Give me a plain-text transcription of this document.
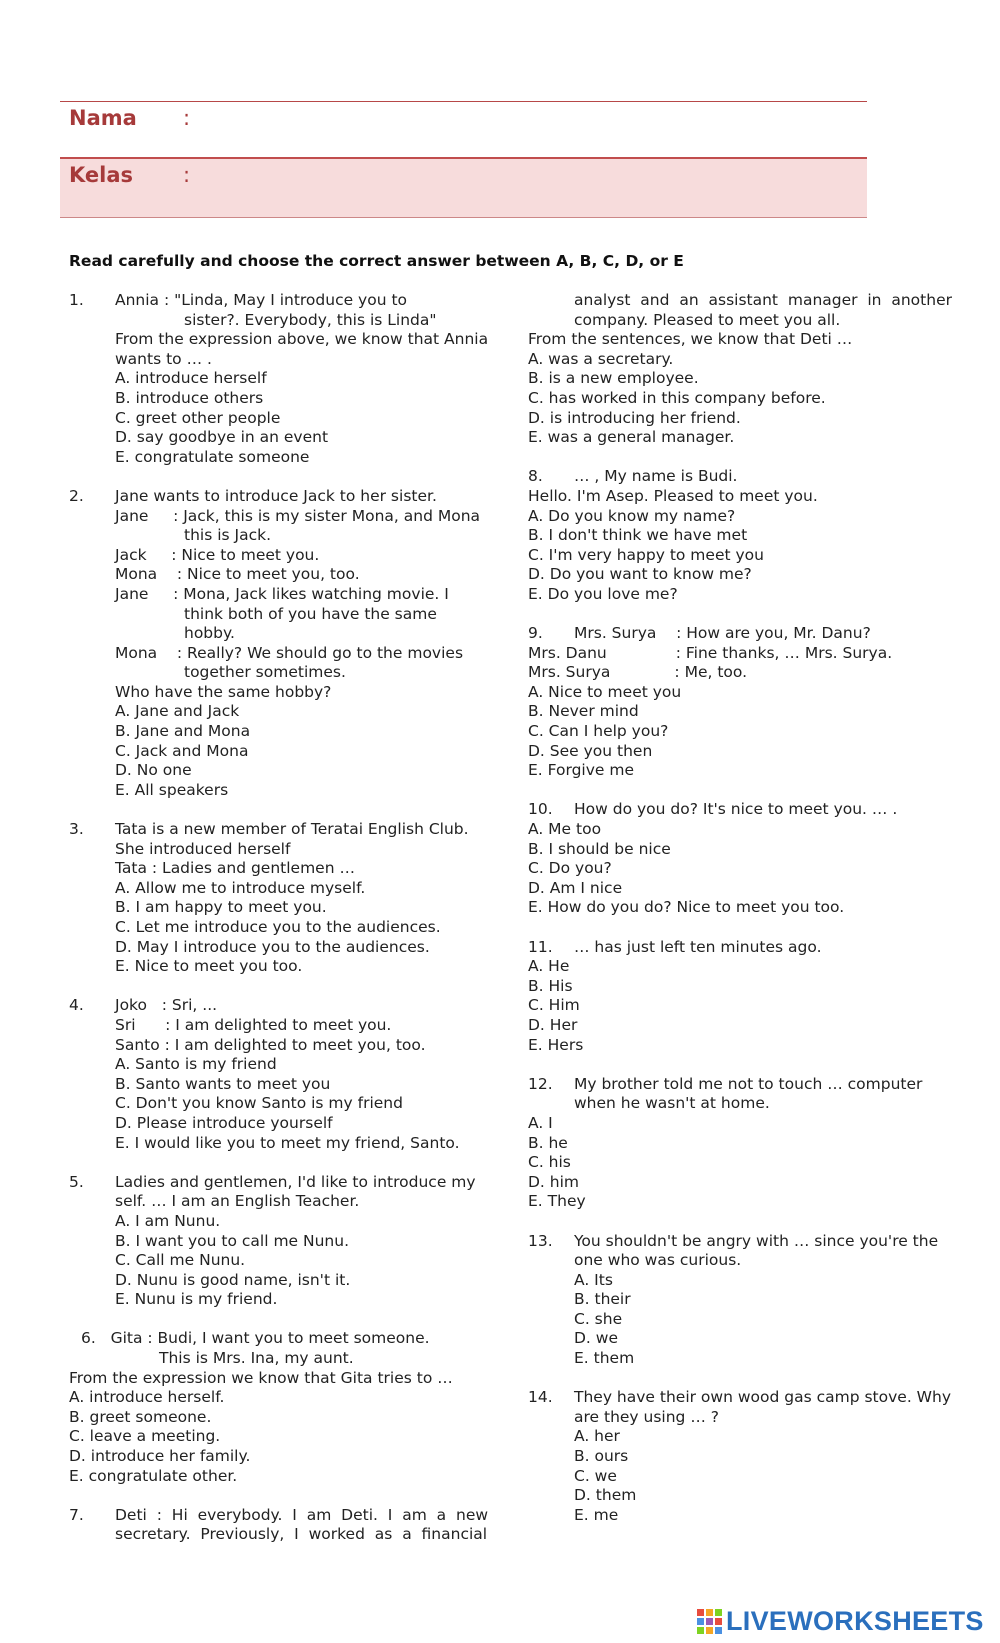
Nama :
Kelas :
Read carefully and choose the correct answer between A, B, C, D, or E
1.	Annia : "Linda, May I introduce you to
sister?. Everybody, this is Linda"
From the expression above, we know that Annia
wants to … .
A. introduce herself
B. introduce others
C. greet other people
D. say goodbye in an event
E. congratulate someone
2.	Jane wants to introduce Jack to her sister.
Jane     : Jack, this is my sister Mona, and Mona
this is Jack.
Jack     : Nice to meet you.
Mona    : Nice to meet you, too.
Jane     : Mona, Jack likes watching movie. I
think both of you have the same
hobby.
Mona    : Really? We should go to the movies
together sometimes.
Who have the same hobby?
A. Jane and Jack
B. Jane and Mona
C. Jack and Mona
D. No one
E. All speakers
3.	Tata is a new member of Teratai English Club.
She introduced herself
Tata : Ladies and gentlemen …
A. Allow me to introduce myself.
B. I am happy to meet you.
C. Let me introduce you to the audiences.
D. May I introduce you to the audiences.
E. Nice to meet you too.
4.	Joko   : Sri, ...
Sri      : I am delighted to meet you.
Santo : I am delighted to meet you, too.
A. Santo is my friend
B. Santo wants to meet you
C. Don't you know Santo is my friend
D. Please introduce yourself
E. I would like you to meet my friend, Santo.
5.	Ladies and gentlemen, I'd like to introduce my
self. … I am an English Teacher.
A. I am Nunu.
B. I want you to call me Nunu.
C. Call me Nunu.
D. Nunu is good name, isn't it.
E. Nunu is my friend.
6. Gita : Budi, I want you to meet someone.
This is Mrs. Ina, my aunt.
From the expression we know that Gita tries to …
A. introduce herself.
B. greet someone.
C. leave a meeting.
D. introduce her family.
E. congratulate other.
7.	Deti  :  Hi  everybody.  I  am  Deti.  I  am  a  new
secretary.  Previously,  I  worked  as  a  financial
analyst  and  an  assistant  manager  in  another
company. Pleased to meet you all.
From the sentences, we know that Deti …
A. was a secretary.
B. is a new employee.
C. has worked in this company before.
D. is introducing her friend.
E. was a general manager.
8.	… , My name is Budi.
Hello. I'm Asep. Pleased to meet you.
A. Do you know my name?
B. I don't think we have met
C. I'm very happy to meet you
D. Do you want to know me?
E. Do you love me?
9.	Mrs. Surya    : How are you, Mr. Danu?
Mrs. Danu              : Fine thanks, … Mrs. Surya.
Mrs. Surya             : Me, too.
A. Nice to meet you
B. Never mind
C. Can I help you?
D. See you then
E. Forgive me
10.	How do you do? It's nice to meet you. … .
A. Me too
B. I should be nice
C. Do you?
D. Am I nice
E. How do you do? Nice to meet you too.
11.	… has just left ten minutes ago.
A. He
B. His
C. Him
D. Her
E. Hers
12.	My brother told me not to touch … computer
when he wasn't at home.
A. I
B. he
C. his
D. him
E. They
13.	You shouldn't be angry with … since you're the
one who was curious.
A. Its
B. their
C. she
D. we
E. them
14.	They have their own wood gas camp stove. Why
are they using … ?
A. her
B. ours
C. we
D. them
E. me
LIVEWORKSHEETS
